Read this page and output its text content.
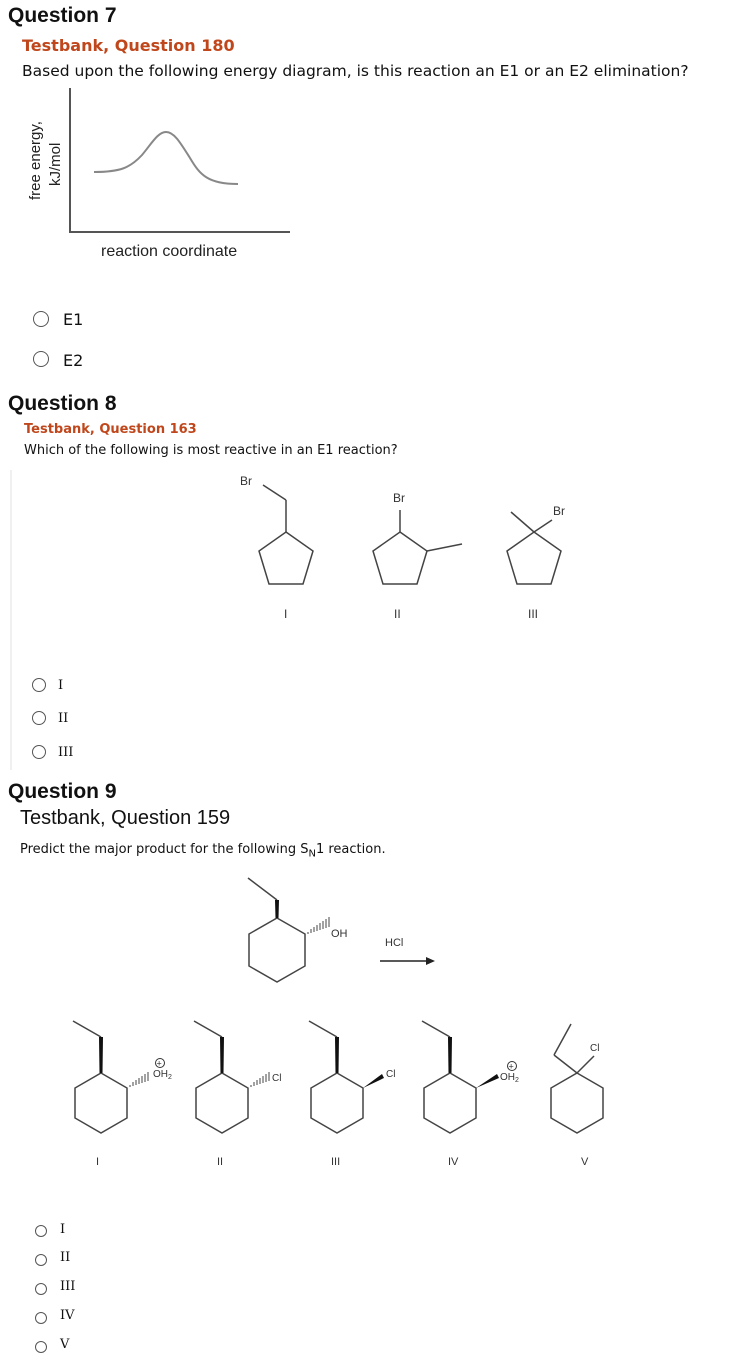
Question 7
Testbank, Question 180
Based upon the following energy diagram, is this reaction an E1 or an E2 elimination?
free energy, kJ/mol
reaction coordinate
E1
E2
Question 8
Testbank, Question 163
Which of the following is most reactive in an E1 reaction?
Br
Br
Br
I	II	III
I
II
III
Question 9
Testbank, Question 159
Predict the major product for the following $S_N1$ reaction.
OH
HCl
$OH_2$
+
Cl	Cl	$OH_2$
+
Cl
I	II	III	IV	V
I
II
III
IV
V
